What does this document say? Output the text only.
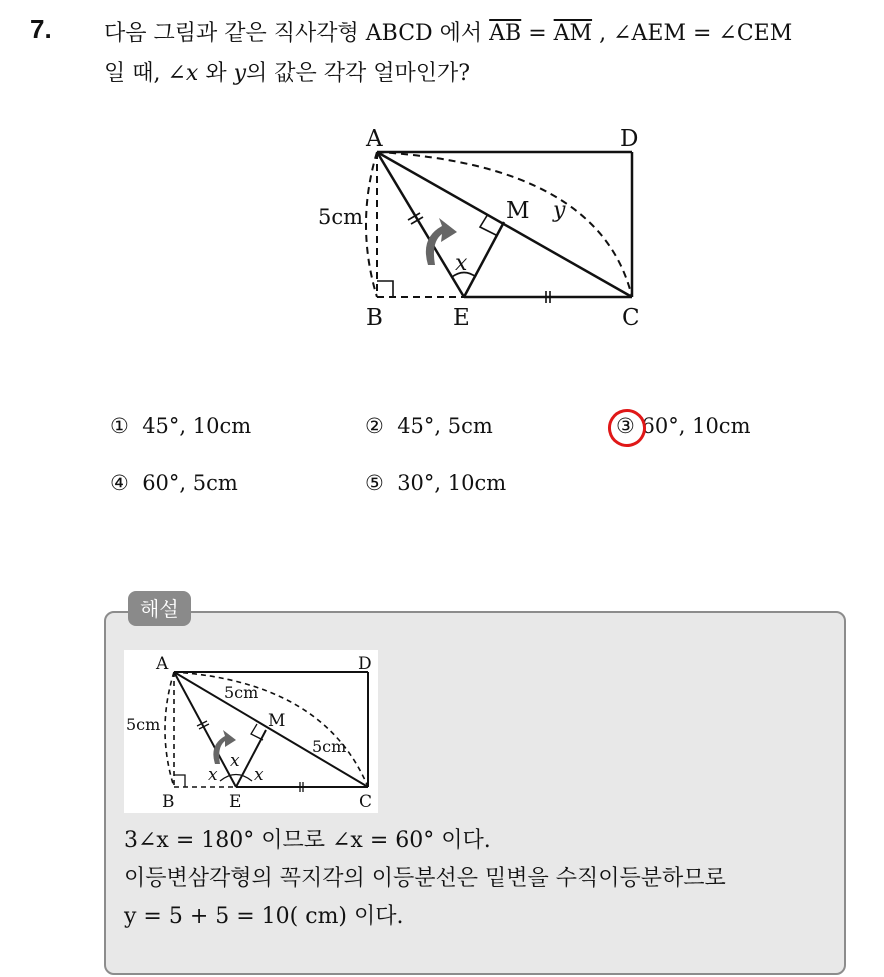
7. 다음 그림과 같은 직사각형 ABCD 에서 $\overline{AB} = \overline{AM}$ , ∠AEM = ∠CEM
일 때, ∠x 와 y의 값은 각각 얼마인가?
A	D
B	E	C
M
5cm
x
y
① 45°, 10cm	② 45°, 5cm	③ 60°, 10cm
④ 60°, 5cm	⑤ 30°, 10cm
해설
A	D
B	E	C
M
5cm
5cm
5cm
x
x x
3∠x = 180° 이므로 ∠x = 60° 이다.
이등변삼각형의 꼭지각의 이등분선은 밑변을 수직이등분하므로
y = 5 + 5 = 10( cm) 이다.
